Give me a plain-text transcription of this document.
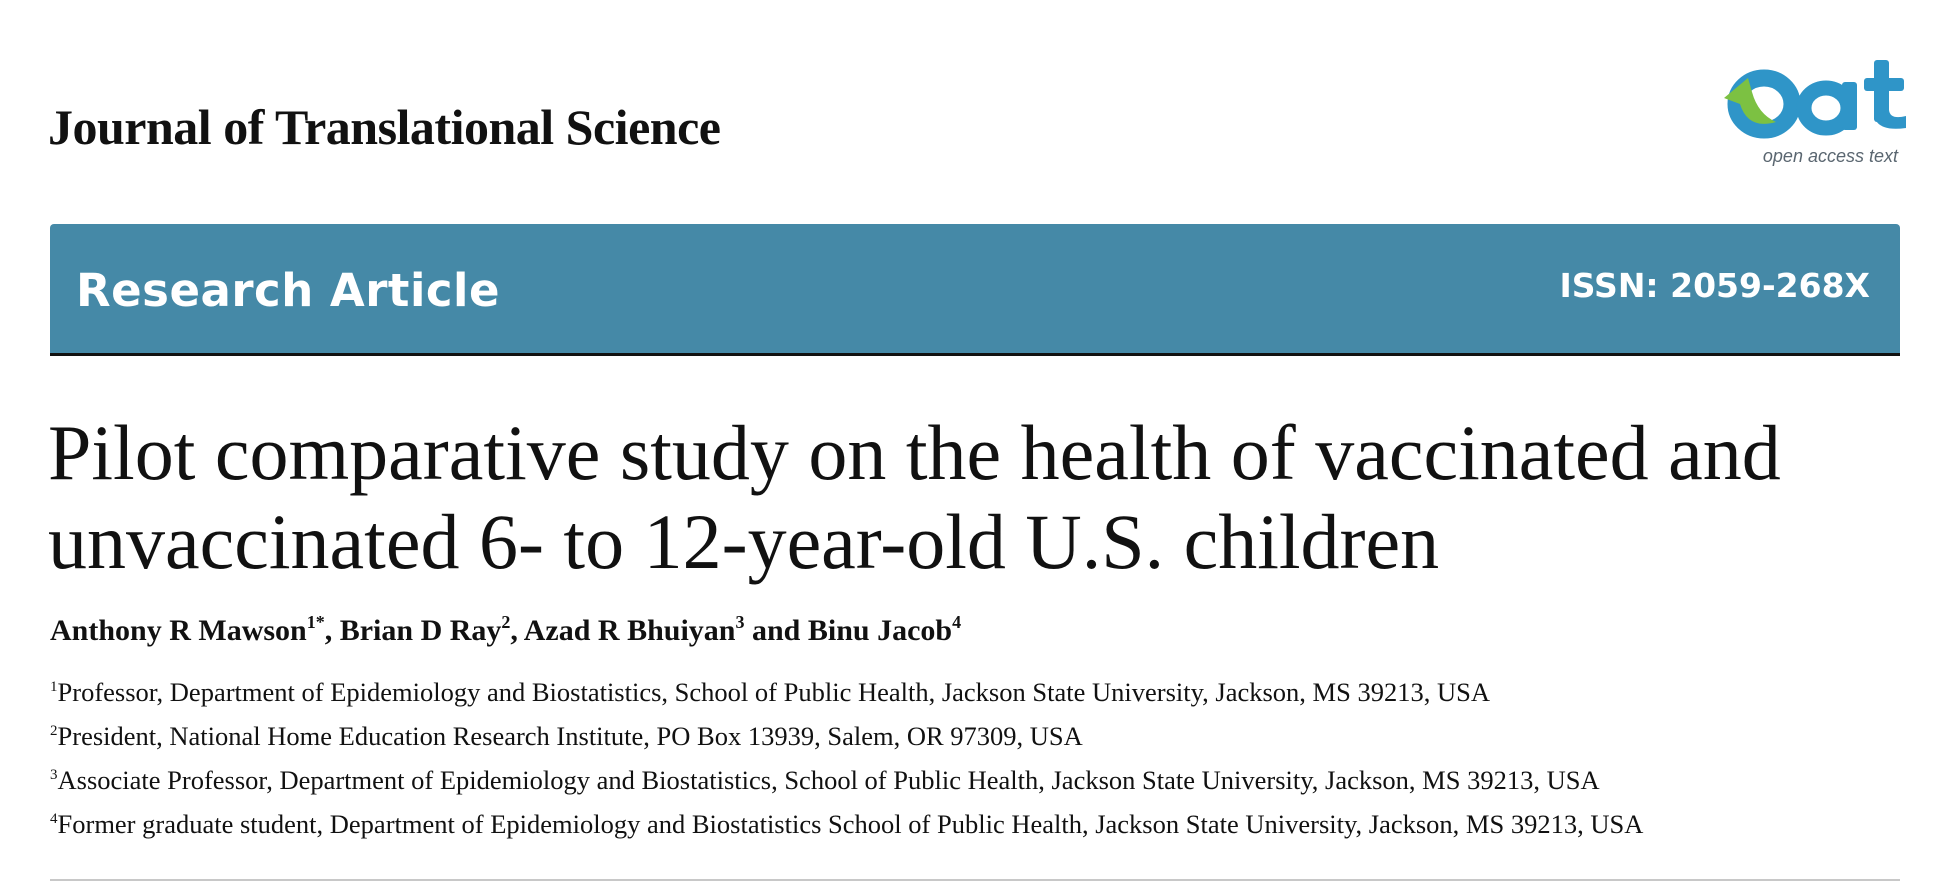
Journal of Translational Science
open access text
Research Article	ISSN: 2059-268X
Pilot comparative study on the health of vaccinated and unvaccinated 6- to 12-year-old U.S. children
Anthony R Mawson$^{1*}$, Brian D Ray$^2$, Azad R Bhuiyan$^3$ and Binu Jacob$^4$
$^1$Professor, Department of Epidemiology and Biostatistics, School of Public Health, Jackson State University, Jackson, MS 39213, USA
$^2$President, National Home Education Research Institute, PO Box 13939, Salem, OR 97309, USA
$^3$Associate Professor, Department of Epidemiology and Biostatistics, School of Public Health, Jackson State University, Jackson, MS 39213, USA
$^4$Former graduate student, Department of Epidemiology and Biostatistics School of Public Health, Jackson State University, Jackson, MS 39213, USA
